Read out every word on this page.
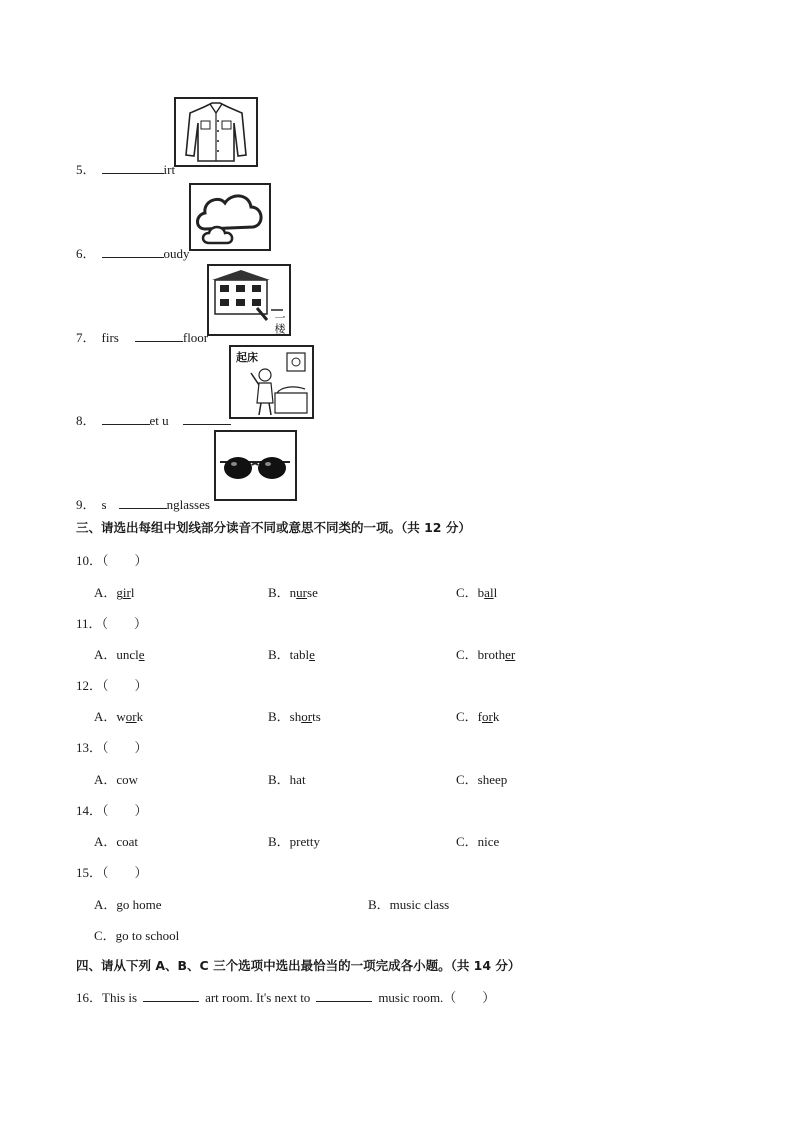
一楼
起床
5．	irt
6．	oudy
7． firs	floor
8．	et u
9． s	nglasses
三、请选出每组中划线部分读音不同或意思不同类的一项。（共 12 分）
10．（　　）
A．girl	B．nurse	C．ball
11．（　　）
A．uncle	B．table	C．brother
12．（　　）
A．work	B．shorts	C．fork
13．（　　）
A．cow	B．hat	C．sheep
14．（　　）
A．coat	B．pretty	C．nice
15．（　　）
A．go home	B．music class
C．go to school
四、请从下列 A、B、C 三个选项中选出最恰当的一项完成各小题。（共 14 分）
16．This is	art room. It's next to	music room.（　　）
